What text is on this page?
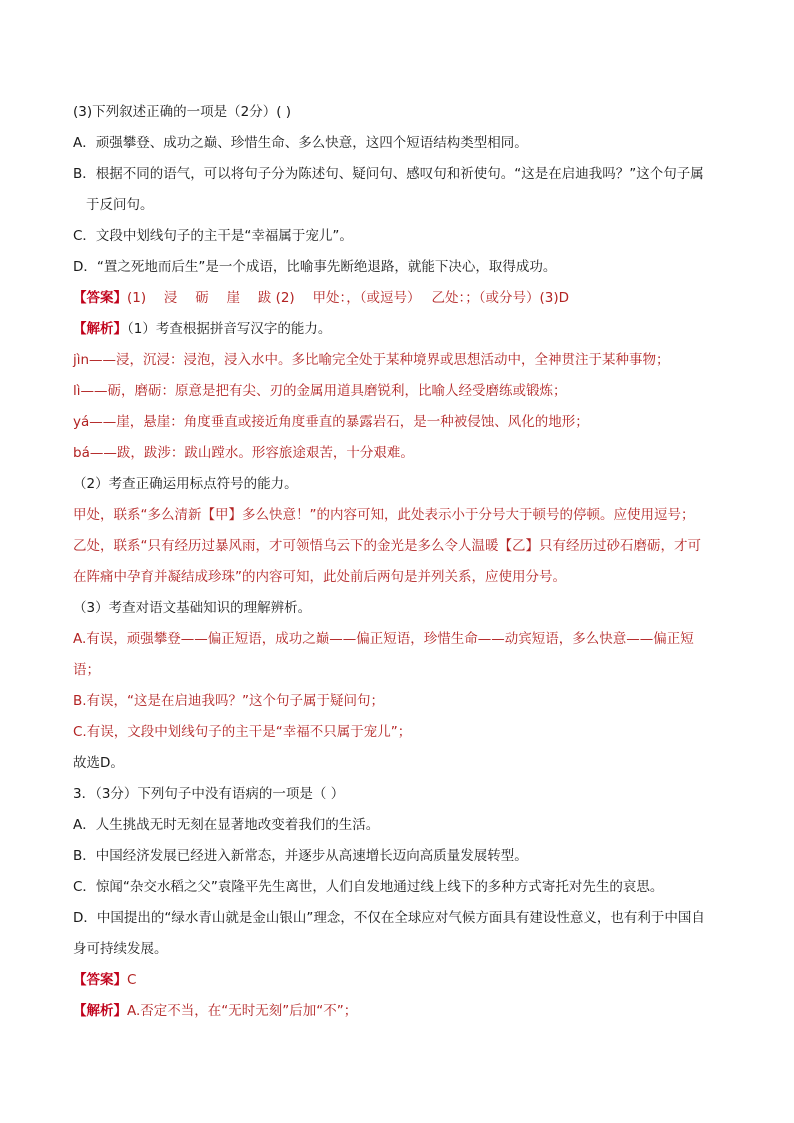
(3)下列叙述正确的一项是（2分）( )
A．顽强攀登、成功之巅、珍惜生命、多么快意，这四个短语结构类型相同。
B．根据不同的语气，可以将句子分为陈述句、疑问句、感叹句和祈使句。“这是在启迪我吗？”这个句子属
于反问句。
C．文段中划线句子的主干是“幸福属于宠儿”。
D．“置之死地而后生”是一个成语，比喻事先断绝退路，就能下决心，取得成功。
【答案】(1)　 浸　 砺　 崖　 跋 (2)　 甲处：，（或逗号）　 乙处：；（或分号）(3)D
【解析】（1）考查根据拼音写汉字的能力。
jìn——浸，沉浸：浸泡，浸入水中。多比喻完全处于某种境界或思想活动中，全神贯注于某种事物；
lì——砺，磨砺：原意是把有尖、刃的金属用道具磨锐利，比喻人经受磨练或锻炼；
yá——崖，悬崖：角度垂直或接近角度垂直的暴露岩石，是一种被侵蚀、风化的地形；
bá——跋，跋涉：跋山蹚水。形容旅途艰苦，十分艰难。
（2）考查正确运用标点符号的能力。
甲处，联系“多么清新【甲】多么快意！”的内容可知，此处表示小于分号大于顿号的停顿。应使用逗号；
乙处，联系“只有经历过暴风雨，才可领悟乌云下的金光是多么令人温暖【乙】只有经历过砂石磨砺，才可
在阵痛中孕育并凝结成珍珠”的内容可知，此处前后两句是并列关系，应使用分号。
（3）考查对语文基础知识的理解辨析。
A.有误，顽强攀登——偏正短语，成功之巅——偏正短语，珍惜生命——动宾短语，多么快意——偏正短
语；
B.有误，“这是在启迪我吗？”这个句子属于疑问句；
C.有误，文段中划线句子的主干是“幸福不只属于宠儿”；
故选D。
3．（3分）下列句子中没有语病的一项是（ ）
A．人生挑战无时无刻在显著地改变着我们的生活。
B．中国经济发展已经进入新常态，并逐步从高速增长迈向高质量发展转型。
C．惊闻“杂交水稻之父”袁隆平先生离世，人们自发地通过线上线下的多种方式寄托对先生的哀思。
D．中国提出的“绿水青山就是金山银山”理念，不仅在全球应对气候方面具有建设性意义，也有利于中国自
身可持续发展。
【答案】C
【解析】A.否定不当，在“无时无刻”后加“不”；
